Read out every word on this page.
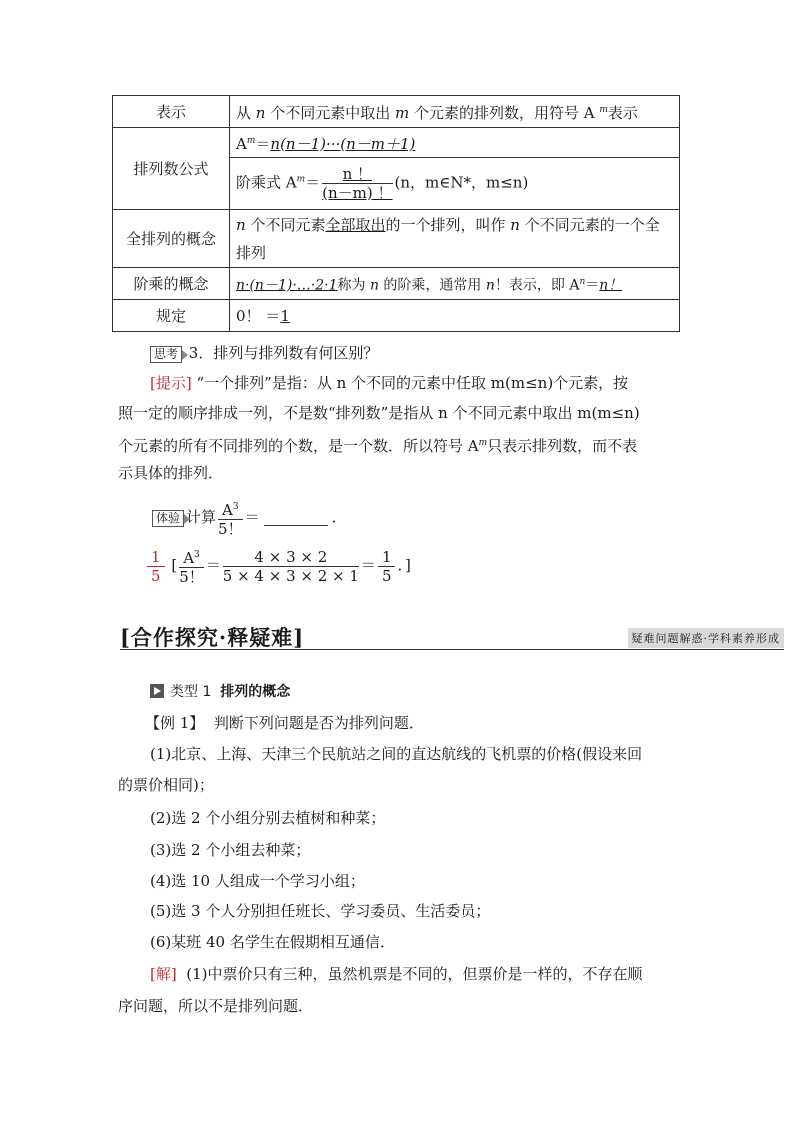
表示	从 n 个不同元素中取出 m 个元素的排列数，用符号 A $^m$表示
排列数公式	$A^m=n(n-1)\cdot\cdot\cdot(n-m+1)$
	阶乘式 $A^m= \frac{n !}{(n-m) !} (n$，m∈N*，m≤n)
全排列的概念	n 个不同元素全部取出的一个排列，叫作 n 个不同元素的一个全
排列
阶乘的概念	n·(n－1)·…·2·1称为 n 的阶乘，通常用 n！表示，即 $A^n=n$！
规定	0！ ＝1
思考 3．排列与排列数有何区别？
[提示] “一个排列”是指：从 n 个不同的元素中任取 m(m≤n)个元素，按
照一定的顺序排成一列，不是数“排列数”是指从 n 个不同元素中取出 m(m≤n)
个元素的所有不同排列的个数，是一个数．所以符号 $A^m$只表示排列数，而不表
示具体的排列．
体验 计算 $\frac{A^3}{5!}$ ＝	．
$\frac{1}{5}$ [ $\frac{A^3}{5!} = \frac{4 \times 3 \times 2}{5 \times 4 \times 3 \times 2 \times 1} = \frac{1}{5}$ ．]
[合作探究·释疑难]	疑难问题解惑·学科素养形成
类型 1 排列的概念
【例 1】 判断下列问题是否为排列问题．
(1)北京、上海、天津三个民航站之间的直达航线的飞机票的价格(假设来回
的票价相同)；
(2)选 2 个小组分别去植树和种菜；
(3)选 2 个小组去种菜；
(4)选 10 人组成一个学习小组；
(5)选 3 个人分别担任班长、学习委员、生活委员；
(6)某班 40 名学生在假期相互通信．
[解] (1)中票价只有三种，虽然机票是不同的，但票价是一样的，不存在顺
序问题，所以不是排列问题．
